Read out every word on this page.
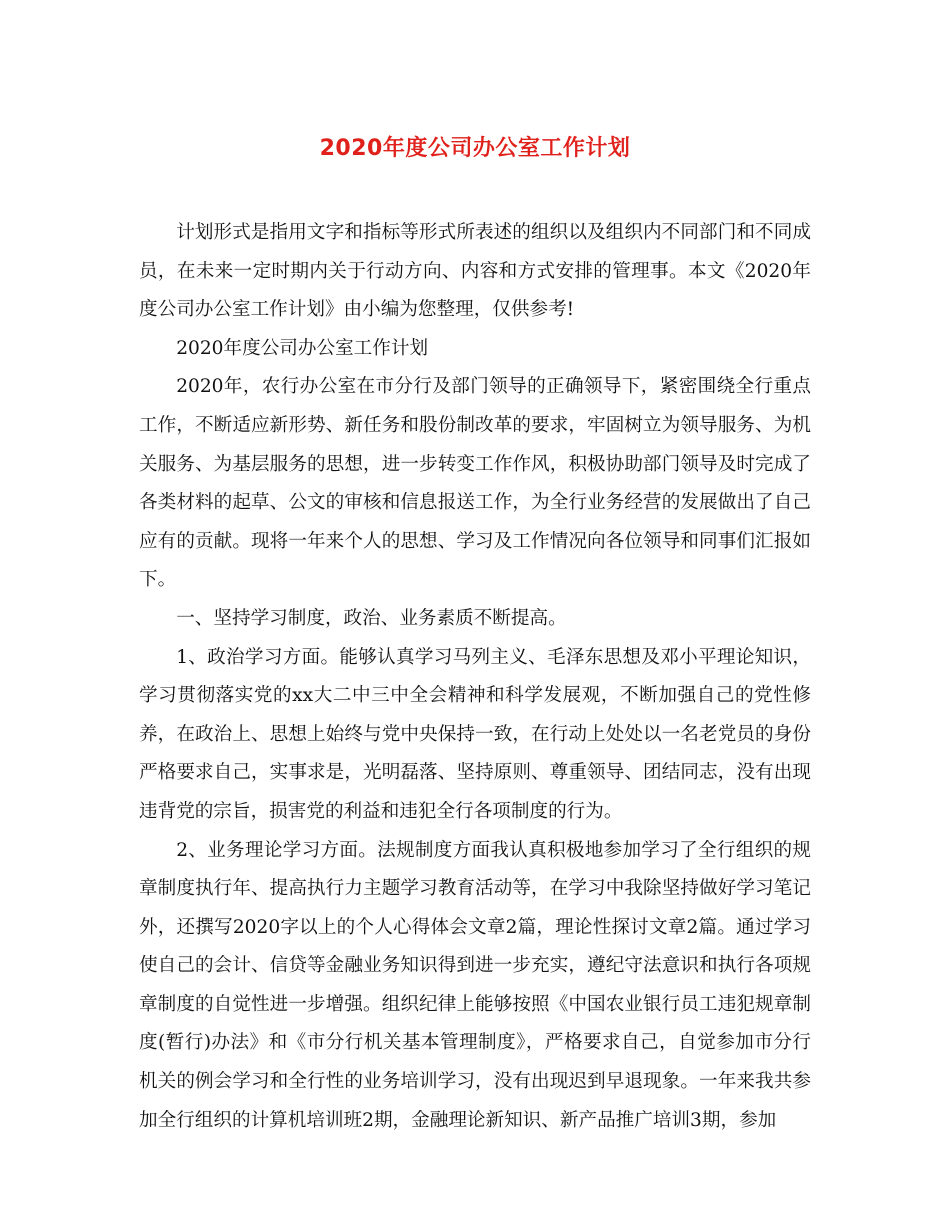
2020年度公司办公室工作计划

计划形式是指用文字和指标等形式所表述的组织以及组织内不同部门和不同成员，在未来一定时期内关于行动方向、内容和方式安排的管理事。本文《2020年度公司办公室工作计划》由小编为您整理，仅供参考!

2020年度公司办公室工作计划

2020年，农行办公室在市分行及部门领导的正确领导下，紧密围绕全行重点工作，不断适应新形势、新任务和股份制改革的要求，牢固树立为领导服务、为机关服务、为基层服务的思想，进一步转变工作作风，积极协助部门领导及时完成了各类材料的起草、公文的审核和信息报送工作，为全行业务经营的发展做出了自己应有的贡献。现将一年来个人的思想、学习及工作情况向各位领导和同事们汇报如下。

一、坚持学习制度，政治、业务素质不断提高。

1、政治学习方面。能够认真学习马列主义、毛泽东思想及邓小平理论知识，学习贯彻落实党的xx大二中三中全会精神和科学发展观，不断加强自己的党性修养，在政治上、思想上始终与党中央保持一致，在行动上处处以一名老党员的身份严格要求自己，实事求是，光明磊落、坚持原则、尊重领导、团结同志，没有出现违背党的宗旨，损害党的利益和违犯全行各项制度的行为。

2、业务理论学习方面。法规制度方面我认真积极地参加学习了全行组织的规章制度执行年、提高执行力主题学习教育活动等，在学习中我除坚持做好学习笔记外，还撰写2020字以上的个人心得体会文章2篇，理论性探讨文章2篇。通过学习使自己的会计、信贷等金融业务知识得到进一步充实，遵纪守法意识和执行各项规章制度的自觉性进一步增强。组织纪律上能够按照《中国农业银行员工违犯规章制度(暂行)办法》和《市分行机关基本管理制度》，严格要求自己，自觉参加市分行机关的例会学习和全行性的业务培训学习，没有出现迟到早退现象。一年来我共参加全行组织的计算机培训班2期，金融理论新知识、新产品推广培训3期，参加
